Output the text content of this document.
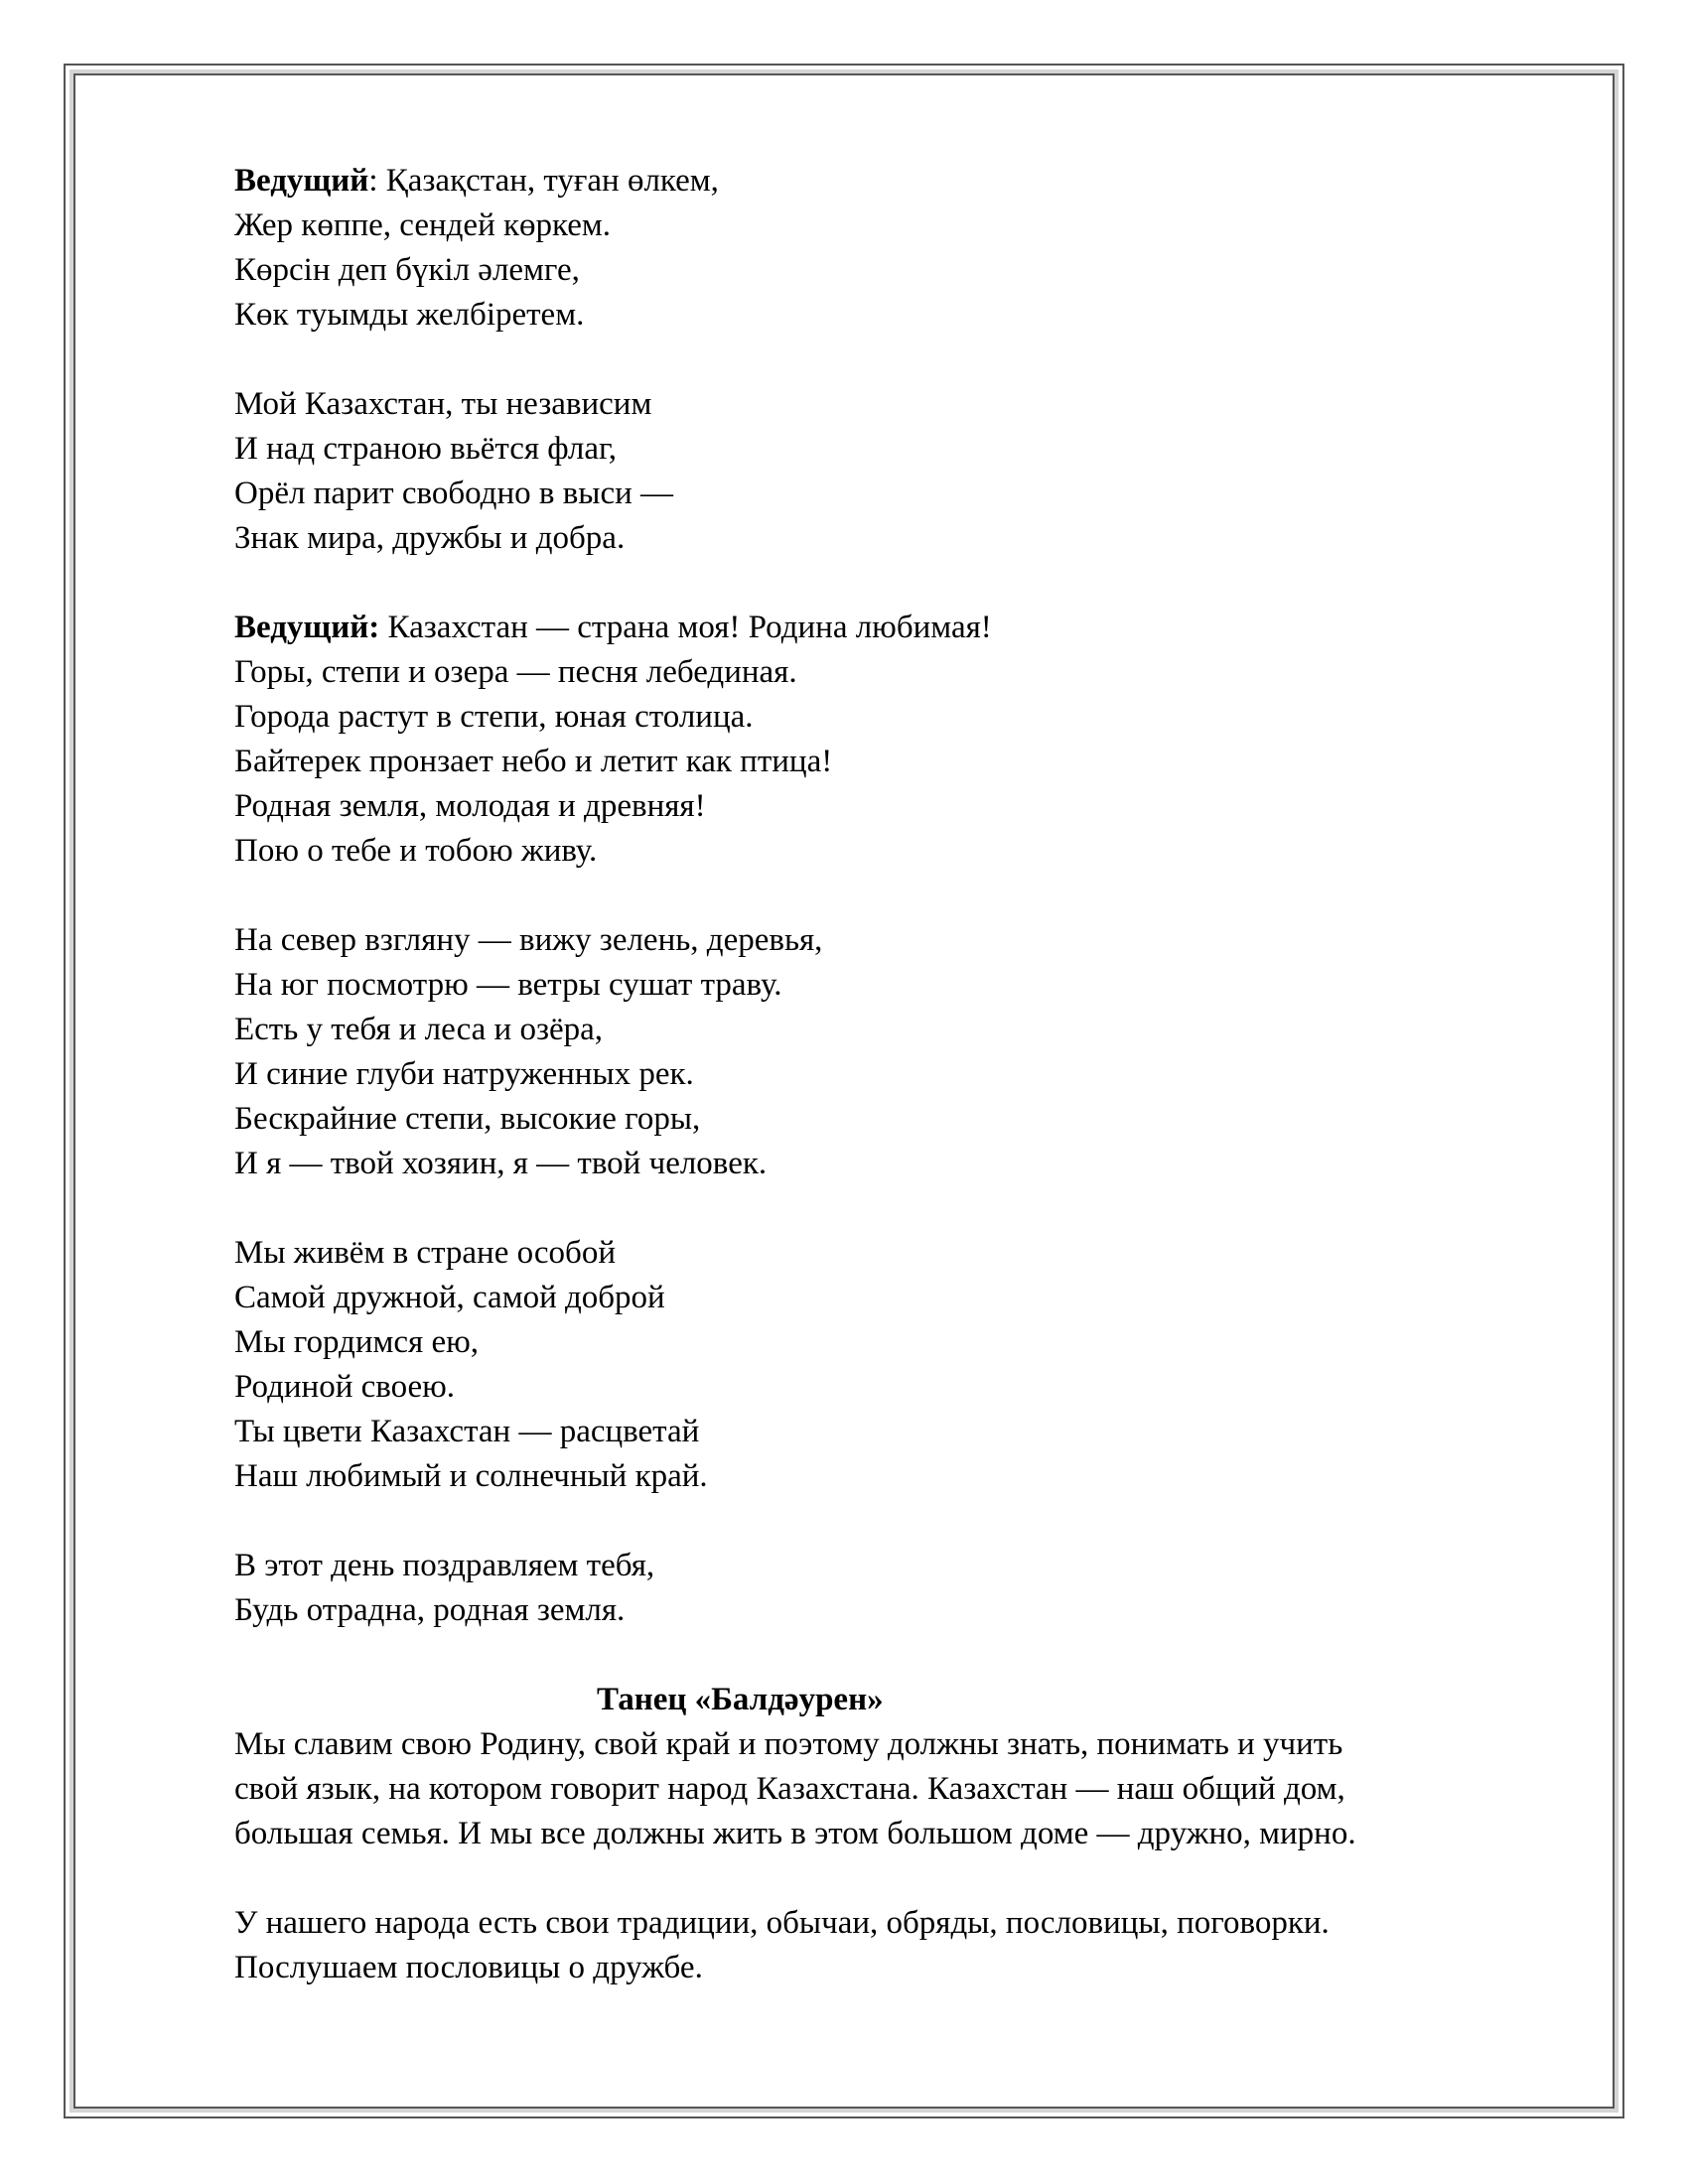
Ведущий: Қазақстан, туған өлкем,
Жер көппе, сендей көркем.
Көрсін деп бүкіл әлемге,
Көк туымды желбіретем.
Мой Казахстан, ты независим
И над страною вьётся флаг,
Орёл парит свободно в выси —
Знак мира, дружбы и добра.
Ведущий: Казахстан — страна моя! Родина любимая!
Горы, степи и озера — песня лебединая.
Города растут в степи, юная столица.
Байтерек пронзает небо и летит как птица!
Родная земля, молодая и древняя!
Пою о тебе и тобою живу.
На север взгляну — вижу зелень, деревья,
На юг посмотрю — ветры сушат траву.
Есть у тебя и леса и озёра,
И синие глуби натруженных рек.
Бескрайние степи, высокие горы,
И я — твой хозяин, я — твой человек.
Мы живём в стране особой
Самой дружной, самой доброй
Мы гордимся ею,
Родиной своею.
Ты цвети Казахстан — расцветай
Наш любимый и солнечный край.
В этот день поздравляем тебя,
Будь отрадна, родная земля.
Танец «Балдәурен»
Мы славим свою Родину, свой край и поэтому должны знать, понимать и учить
свой язык, на котором говорит народ Казахстана. Казахстан — наш общий дом,
большая семья. И мы все должны жить в этом большом доме — дружно, мирно.
У нашего народа есть свои традиции, обычаи, обряды, пословицы, поговорки.
Послушаем пословицы о дружбе.
